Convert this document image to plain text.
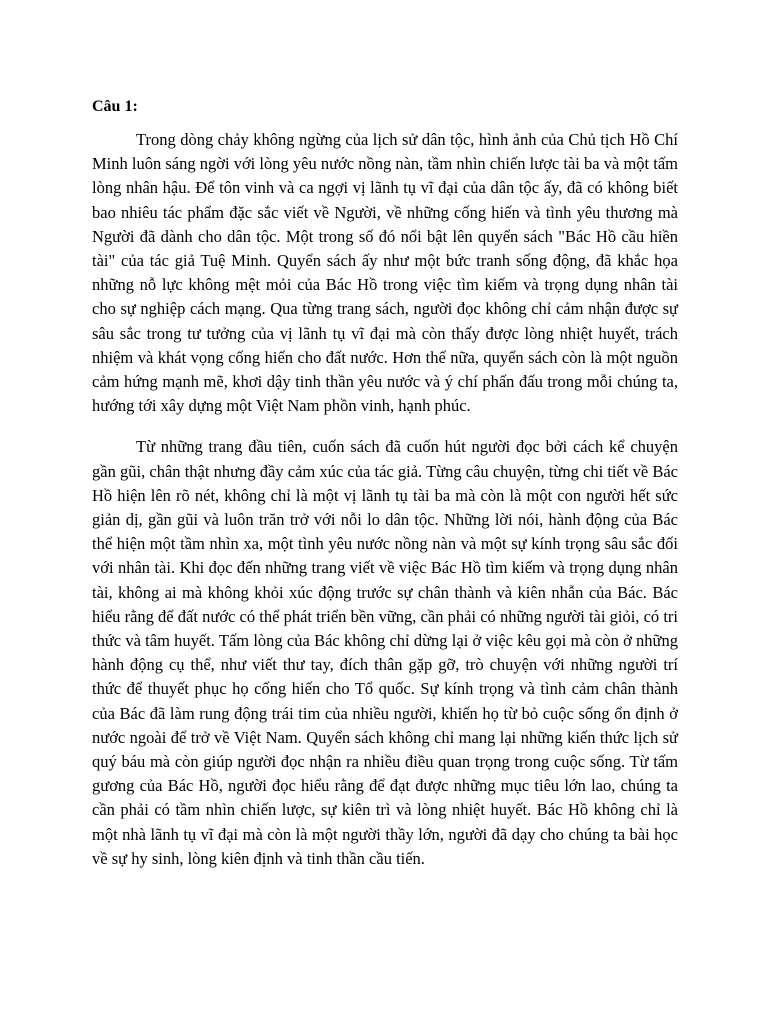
Câu 1:

Trong dòng chảy không ngừng của lịch sử dân tộc, hình ảnh của Chủ tịch Hồ Chí Minh luôn sáng ngời với lòng yêu nước nồng nàn, tầm nhìn chiến lược tài ba và một tấm lòng nhân hậu. Để tôn vinh và ca ngợi vị lãnh tụ vĩ đại của dân tộc ấy, đã có không biết bao nhiêu tác phẩm đặc sắc viết về Người, về những cống hiến và tình yêu thương mà Người đã dành cho dân tộc. Một trong số đó nổi bật lên quyển sách "Bác Hồ cầu hiền tài" của tác giả Tuệ Minh. Quyển sách ấy như một bức tranh sống động, đã khắc họa những nỗ lực không mệt mỏi của Bác Hồ trong việc tìm kiếm và trọng dụng nhân tài cho sự nghiệp cách mạng. Qua từng trang sách, người đọc không chỉ cảm nhận được sự sâu sắc trong tư tưởng của vị lãnh tụ vĩ đại mà còn thấy được lòng nhiệt huyết, trách nhiệm và khát vọng cống hiến cho đất nước. Hơn thế nữa, quyển sách còn là một nguồn cảm hứng mạnh mẽ, khơi dậy tinh thần yêu nước và ý chí phấn đấu trong mỗi chúng ta, hướng tới xây dựng một Việt Nam phồn vinh, hạnh phúc.

Từ những trang đầu tiên, cuốn sách đã cuốn hút người đọc bởi cách kể chuyện gần gũi, chân thật nhưng đầy cảm xúc của tác giả. Từng câu chuyện, từng chi tiết về Bác Hồ hiện lên rõ nét, không chỉ là một vị lãnh tụ tài ba mà còn là một con người hết sức giản dị, gần gũi và luôn trăn trở với nỗi lo dân tộc. Những lời nói, hành động của Bác thể hiện một tầm nhìn xa, một tình yêu nước nồng nàn và một sự kính trọng sâu sắc đối với nhân tài. Khi đọc đến những trang viết về việc Bác Hồ tìm kiếm và trọng dụng nhân tài, không ai mà không khỏi xúc động trước sự chân thành và kiên nhẫn của Bác. Bác hiểu rằng để đất nước có thể phát triển bền vững, cần phải có những người tài giỏi, có tri thức và tâm huyết. Tấm lòng của Bác không chỉ dừng lại ở việc kêu gọi mà còn ở những hành động cụ thể, như viết thư tay, đích thân gặp gỡ, trò chuyện với những người trí thức để thuyết phục họ cống hiến cho Tổ quốc. Sự kính trọng và tình cảm chân thành của Bác đã làm rung động trái tim của nhiều người, khiến họ từ bỏ cuộc sống ổn định ở nước ngoài để trở về Việt Nam. Quyển sách không chỉ mang lại những kiến thức lịch sử quý báu mà còn giúp người đọc nhận ra nhiều điều quan trọng trong cuộc sống. Từ tấm gương của Bác Hồ, người đọc hiểu rằng để đạt được những mục tiêu lớn lao, chúng ta cần phải có tầm nhìn chiến lược, sự kiên trì và lòng nhiệt huyết. Bác Hồ không chỉ là một nhà lãnh tụ vĩ đại mà còn là một người thầy lớn, người đã dạy cho chúng ta bài học về sự hy sinh, lòng kiên định và tinh thần cầu tiến.
